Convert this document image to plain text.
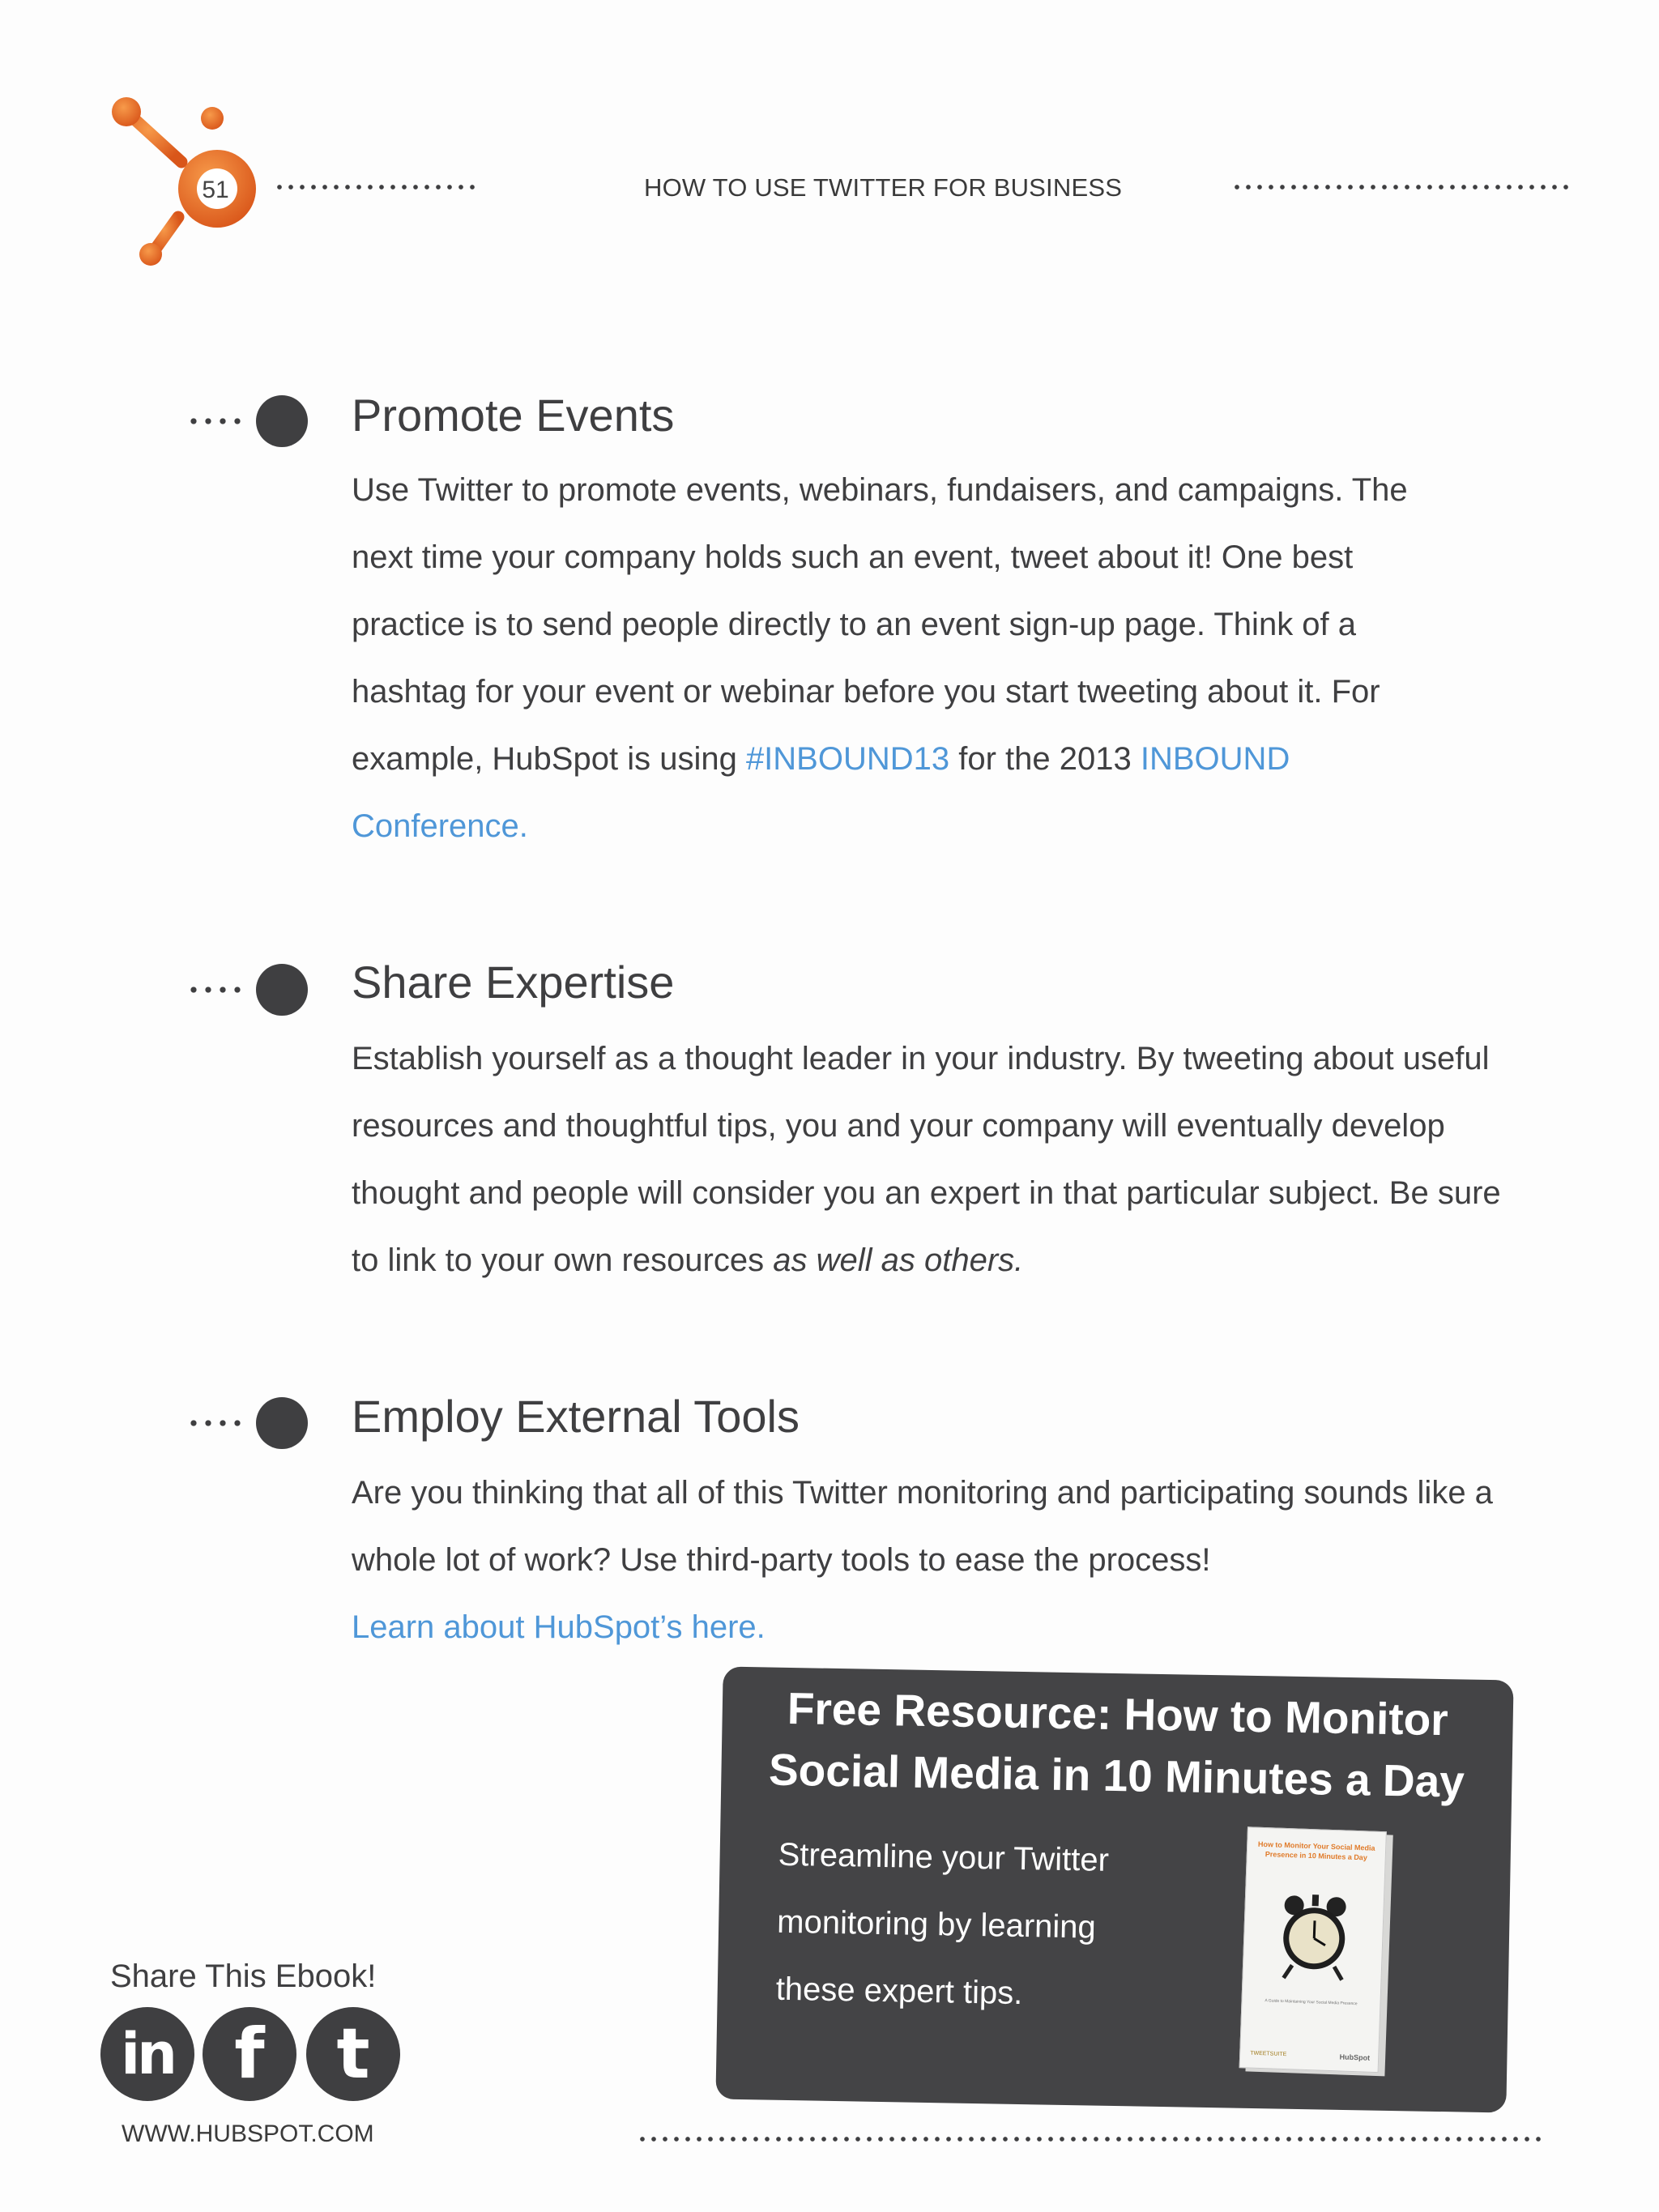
51	HOW TO USE TWITTER FOR BUSINESS
Promote Events

Use Twitter to promote events, webinars, fundaisers, and campaigns. The next time your company holds such an event, tweet about it! One best practice is to send people directly to an event sign-up page. Think of a hashtag for your event or webinar before you start tweeting about it. For example, HubSpot is using #INBOUND13 for the 2013 INBOUND Conference.

Share Expertise

Establish yourself as a thought leader in your industry. By tweeting about useful resources and thoughtful tips, you and your company will eventually develop thought and people will consider you an expert in that particular subject. Be sure to link to your own resources as well as others.

Employ External Tools

Are you thinking that all of this Twitter monitoring and participating sounds like a whole lot of work? Use third-party tools to ease the process!
Learn about HubSpot’s here.

Free Resource: How to Monitor
Social Media in 10 Minutes a Day

Streamline your Twitter
monitoring by learning
these expert tips.

How to Monitor Your Social Media Presence in 10 Minutes a Day
A Guide to Maintaining Your Social Media Presence
TWEETSUITE	HubSpot
Share This Ebook!
in f t
WWW.HUBSPOT.COM
